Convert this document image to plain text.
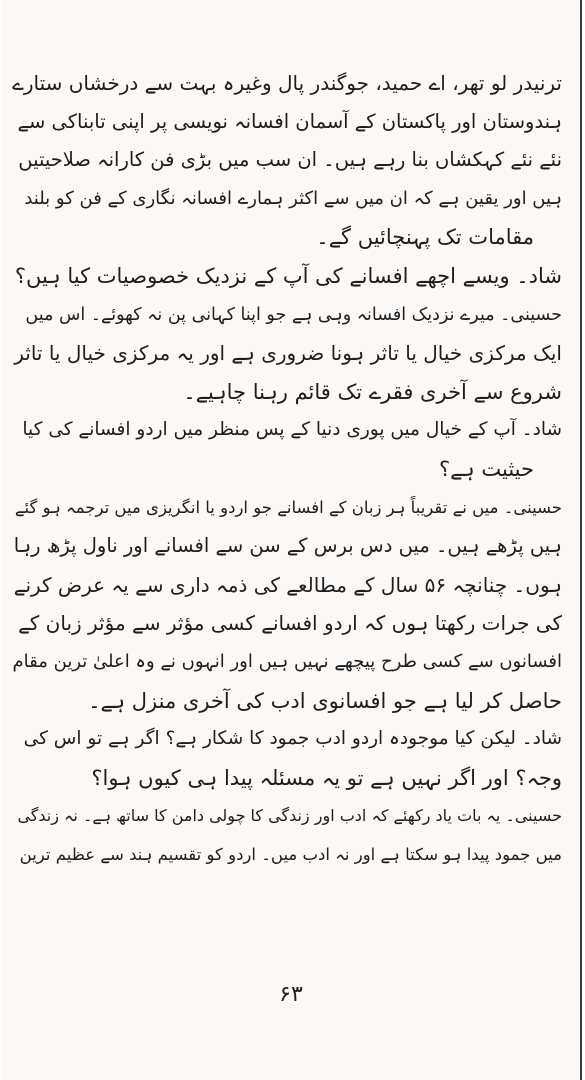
ترنیدر لو تھر، اے حمید، جوگندر پال وغیرہ بہت سے درخشاں ستارے
ہندوستان اور پاکستان کے آسمان افسانہ نویسی پر اپنی تابناکی سے
نئے نئے کہکشاں بنا رہے ہیں۔ ان سب میں بڑی فن کارانہ صلاحیتیں
ہیں اور یقین ہے کہ ان میں سے اکثر ہمارے افسانہ نگاری کے فن کو بلند
مقامات تک پہنچائیں گے۔
شاد۔ ویسے اچھے افسانے کی آپ کے نزدیک خصوصیات کیا ہیں؟
حسینی۔ میرے نزدیک افسانہ وہی ہے جو اپنا کہانی پن نہ کھوئے۔ اس میں
ایک مرکزی خیال یا تاثر ہونا ضروری ہے اور یہ مرکزی خیال یا تاثر
شروع سے آخری فقرے تک قائم رہنا چاہیے۔
شاد۔ آپ کے خیال میں پوری دنیا کے پس منظر میں اردو افسانے کی کیا
حیثیت ہے؟
حسینی۔ میں نے تقریباً ہر زبان کے افسانے جو اردو یا انگریزی میں ترجمہ ہو گئے
ہیں پڑھے ہیں۔ میں دس برس کے سن سے افسانے اور ناول پڑھ رہا
ہوں۔ چنانچہ ۵۶ سال کے مطالعے کی ذمہ داری سے یہ عرض کرنے
کی جرات رکھتا ہوں کہ اردو افسانے کسی مؤثر سے مؤثر زبان کے
افسانوں سے کسی طرح پیچھے نہیں ہیں اور انہوں نے وہ اعلیٰ ترین مقام
حاصل کر لیا ہے جو افسانوی ادب کی آخری منزل ہے۔
شاد۔ لیکن کیا موجودہ اردو ادب جمود کا شکار ہے؟ اگر ہے تو اس کی
وجہ؟ اور اگر نہیں ہے تو یہ مسئلہ پیدا ہی کیوں ہوا؟
حسینی۔ یہ بات یاد رکھئے کہ ادب اور زندگی کا چولی دامن کا ساتھ ہے۔ نہ زندگی
میں جمود پیدا ہو سکتا ہے اور نہ ادب میں۔ اردو کو تقسیم ہند سے عظیم ترین
۶۳
